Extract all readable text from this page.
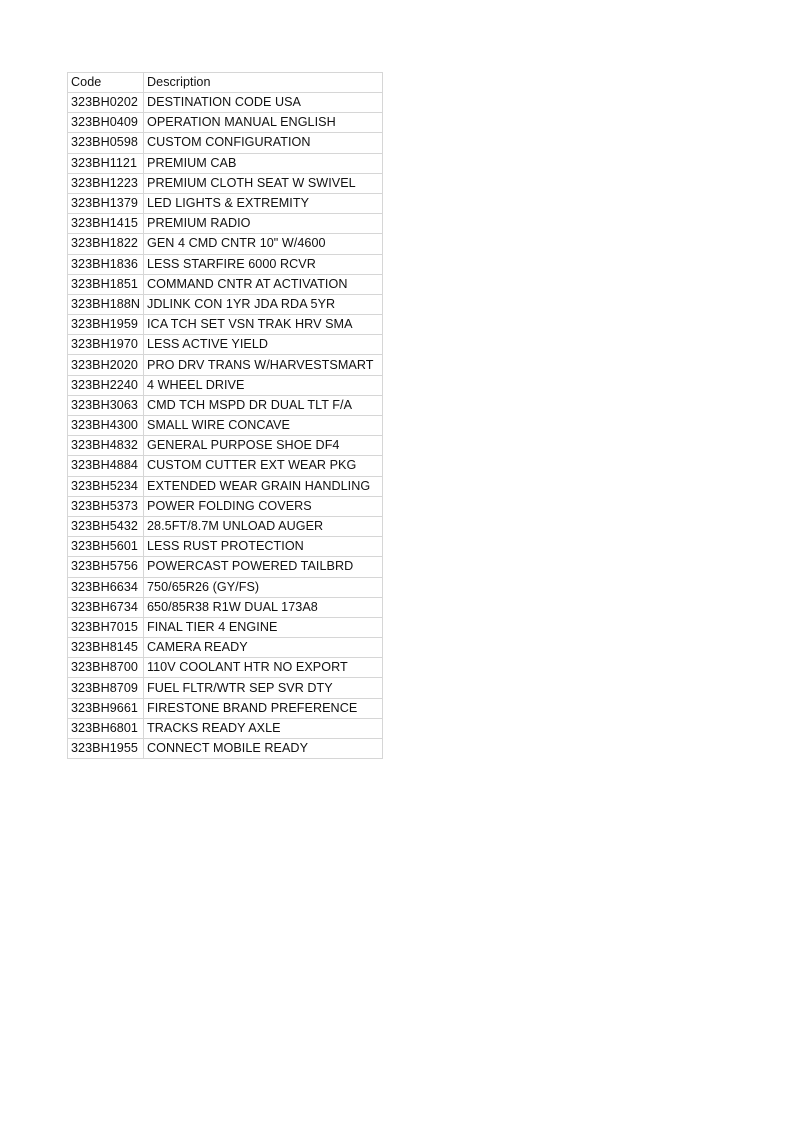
Code	Description
323BH0202	DESTINATION CODE USA
323BH0409	OPERATION MANUAL ENGLISH
323BH0598	CUSTOM CONFIGURATION
323BH1121	PREMIUM CAB
323BH1223	PREMIUM CLOTH SEAT W SWIVEL
323BH1379	LED LIGHTS & EXTREMITY
323BH1415	PREMIUM RADIO
323BH1822	GEN 4 CMD CNTR 10" W/4600
323BH1836	LESS STARFIRE 6000 RCVR
323BH1851	COMMAND CNTR AT ACTIVATION
323BH188N	JDLINK CON 1YR JDA RDA 5YR
323BH1959	ICA TCH SET VSN TRAK HRV SMA
323BH1970	LESS ACTIVE YIELD
323BH2020	PRO DRV TRANS W/HARVESTSMART
323BH2240	4 WHEEL DRIVE
323BH3063	CMD TCH MSPD DR DUAL TLT F/A
323BH4300	SMALL WIRE CONCAVE
323BH4832	GENERAL PURPOSE SHOE DF4
323BH4884	CUSTOM CUTTER EXT WEAR PKG
323BH5234	EXTENDED WEAR GRAIN HANDLING
323BH5373	POWER FOLDING COVERS
323BH5432	28.5FT/8.7M UNLOAD AUGER
323BH5601	LESS RUST PROTECTION
323BH5756	POWERCAST POWERED TAILBRD
323BH6634	750/65R26 (GY/FS)
323BH6734	650/85R38 R1W DUAL 173A8
323BH7015	FINAL TIER 4 ENGINE
323BH8145	CAMERA READY
323BH8700	110V COOLANT HTR NO EXPORT
323BH8709	FUEL FLTR/WTR SEP SVR DTY
323BH9661	FIRESTONE BRAND PREFERENCE
323BH6801	TRACKS READY AXLE
323BH1955	CONNECT MOBILE READY
